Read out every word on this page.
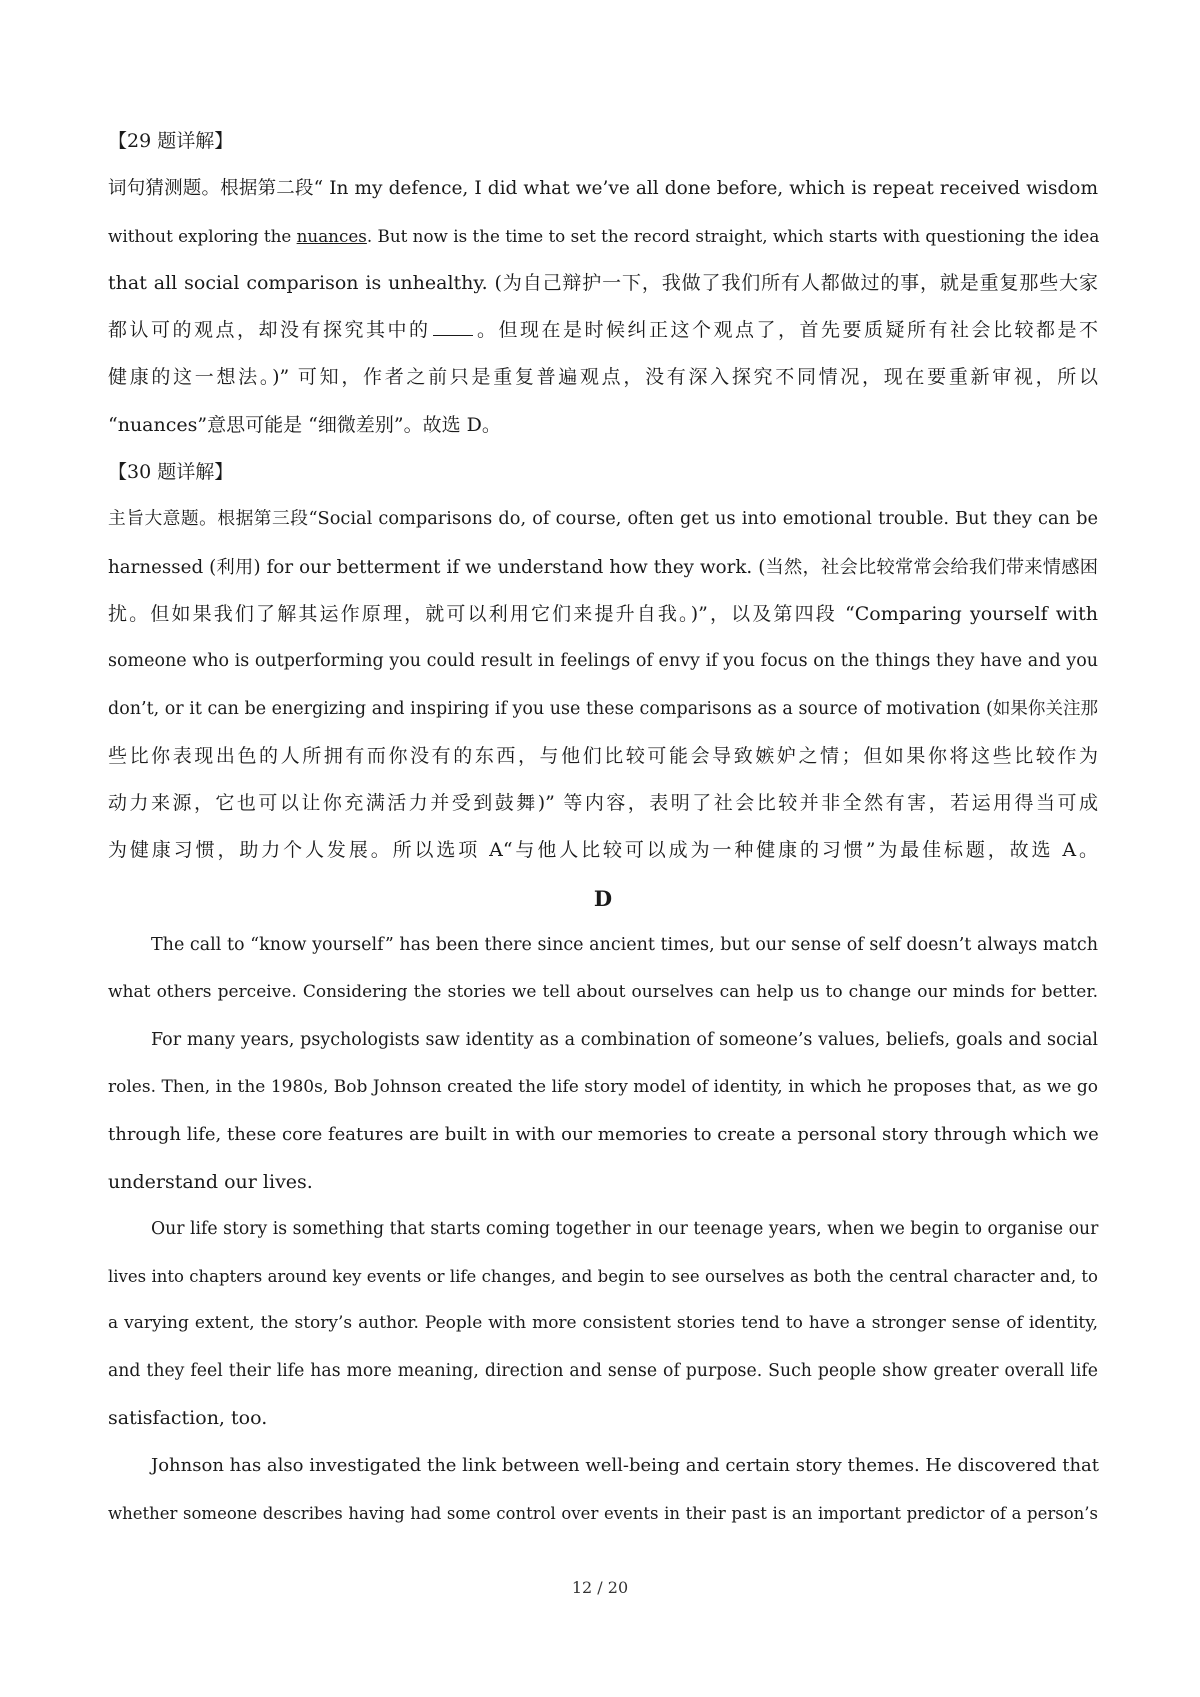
【29 题详解】

词句猜测题。根据第二段“ In my defence, I did what we’ve all done before, which is repeat received wisdom

without exploring the nuances. But now is the time to set the record straight, which starts with questioning the idea

that all social comparison is unhealthy. (为自己辩护一下，我做了我们所有人都做过的事，就是重复那些大家

都认可的观点，却没有探究其中的 。但现在是时候纠正这个观点了，首先要质疑所有社会比较都是不

健康的这一想法。)” 可知，作者之前只是重复普遍观点，没有深入探究不同情况，现在要重新审视，所以

“nuances”意思可能是 “细微差别”。故选 D。

【30 题详解】

主旨大意题。根据第三段“Social comparisons do, of course, often get us into emotional trouble. But they can be

harnessed (利用) for our betterment if we understand how they work. (当然，社会比较常常会给我们带来情感困

扰。但如果我们了解其运作原理，就可以利用它们来提升自我。)”，以及第四段 “Comparing yourself with

someone who is outperforming you could result in feelings of envy if you focus on the things they have and you

don’t, or it can be energizing and inspiring if you use these comparisons as a source of motivation (如果你关注那

些比你表现出色的人所拥有而你没有的东西，与他们比较可能会导致嫉妒之情；但如果你将这些比较作为

动力来源，它也可以让你充满活力并受到鼓舞)” 等内容，表明了社会比较并非全然有害，若运用得当可成

为健康习惯，助力个人发展。所以选项 A“与他人比较可以成为一种健康的习惯”为最佳标题，故选 A。

D

The call to “know yourself” has been there since ancient times, but our sense of self doesn’t always match

what others perceive. Considering the stories we tell about ourselves can help us to change our minds for better.

For many years, psychologists saw identity as a combination of someone’s values, beliefs, goals and social

roles. Then, in the 1980s, Bob Johnson created the life story model of identity, in which he proposes that, as we go

through life, these core features are built in with our memories to create a personal story through which we

understand our lives.

Our life story is something that starts coming together in our teenage years, when we begin to organise our

lives into chapters around key events or life changes, and begin to see ourselves as both the central character and, to

a varying extent, the story’s author. People with more consistent stories tend to have a stronger sense of identity,

and they feel their life has more meaning, direction and sense of purpose. Such people show greater overall life

satisfaction, too.

Johnson has also investigated the link between well-being and certain story themes. He discovered that

whether someone describes having had some control over events in their past is an important predictor of a person’s

12 / 20
